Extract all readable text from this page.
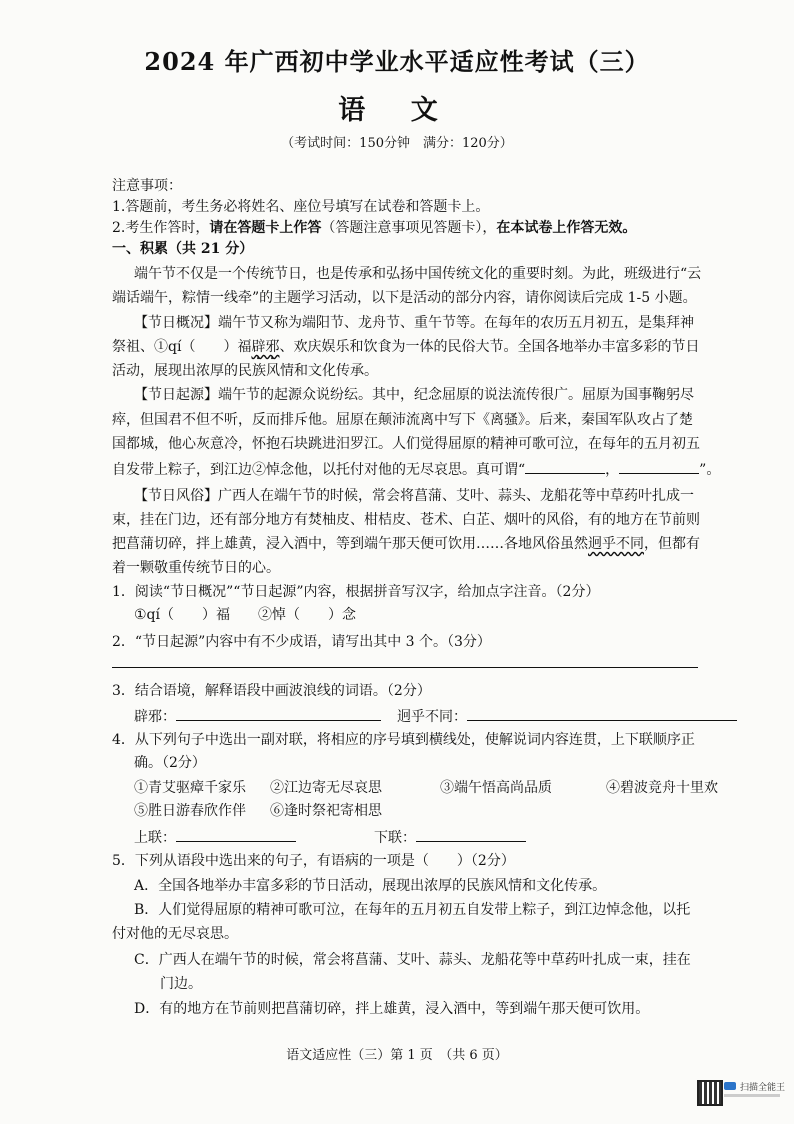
2024 年广西初中学业水平适应性考试（三）
语 文
（考试时间：150分钟　满分：120分）
注意事项：
1.答题前，考生务必将姓名、座位号填写在试卷和答题卡上。
2.考生作答时，请在答题卡上作答（答题注意事项见答题卡），在本试卷上作答无效。
一、积累（共 21 分）
端午节不仅是一个传统节日，也是传承和弘扬中国传统文化的重要时刻。为此，班级进行“云
端话端午，粽情一线牵”的主题学习活动，以下是活动的部分内容，请你阅读后完成 1-5 小题。
【节日概况】端午节又称为端阳节、龙舟节、重午节等。在每年的农历五月初五，是集拜神
祭祖、①qí（　　）福辟邪、欢庆娱乐和饮食为一体的民俗大节。全国各地举办丰富多彩的节日
活动，展现出浓厚的民族风情和文化传承。
【节日起源】端午节的起源众说纷纭。其中，纪念屈原的说法流传很广。屈原为国事鞠躬尽
瘁，但国君不但不听，反而排斥他。屈原在颠沛流离中写下《离骚》。后来，秦国军队攻占了楚
国都城，他心灰意冷，怀抱石块跳进汨罗江。人们觉得屈原的精神可歌可泣，在每年的五月初五
自发带上粽子，到江边②悼念他，以托付对他的无尽哀思。真可谓“	，	”。
【节日风俗】广西人在端午节的时候，常会将菖蒲、艾叶、蒜头、龙船花等中草药叶扎成一
束，挂在门边，还有部分地方有焚柚皮、柑桔皮、苍术、白芷、烟叶的风俗，有的地方在节前则
把菖蒲切碎，拌上雄黄，浸入酒中，等到端午那天便可饮用……各地风俗虽然迥乎不同，但都有
着一颗敬重传统节日的心。
1．阅读“节日概况”“节日起源”内容，根据拼音写汉字，给加点字注音。（2分）
①qí（　　）福　　②悼（　　）念
2．“节日起源”内容中有不少成语，请写出其中 3 个。（3分）
3．结合语境，解释语段中画波浪线的词语。（2分）
辟邪：	迥乎不同：
4．从下列句子中选出一副对联，将相应的序号填到横线处，使解说词内容连贯，上下联顺序正
确。（2分）
①青艾驱瘴千家乐	②江边寄无尽哀思	③端午悟高尚品质	④碧波竞舟十里欢
⑤胜日游春欣作伴	⑥逢时祭祀寄相思
上联：	下联：
5．下列从语段中选出来的句子，有语病的一项是（　　）（2分）
A．全国各地举办丰富多彩的节日活动，展现出浓厚的民族风情和文化传承。
B．人们觉得屈原的精神可歌可泣，在每年的五月初五自发带上粽子，到江边悼念他，以托
付对他的无尽哀思。
C．广西人在端午节的时候，常会将菖蒲、艾叶、蒜头、龙船花等中草药叶扎成一束，挂在
门边。
D．有的地方在节前则把菖蒲切碎，拌上雄黄，浸入酒中，等到端午那天便可饮用。
语文适应性（三）第 1 页　（共 6 页）
扫描全能王
